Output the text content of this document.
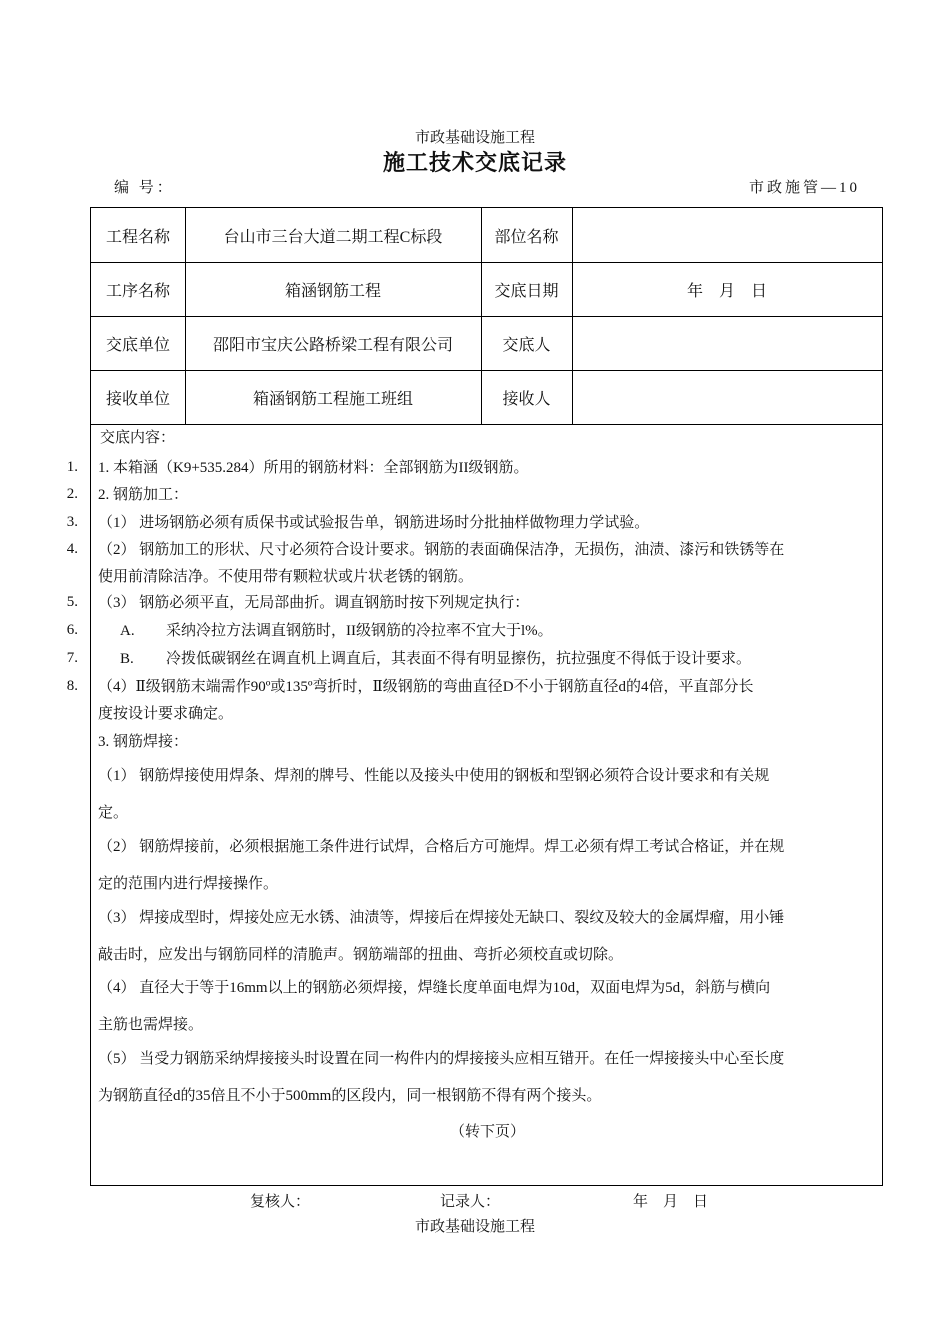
市政基础设施工程
施工技术交底记录
编 号：	市政施管—10
工程名称	台山市三台大道二期工程C标段	部位名称
工序名称	箱涵钢筋工程	交底日期	年    月    日
交底单位	邵阳市宝庆公路桥梁工程有限公司	交底人
接收单位	箱涵钢筋工程施工班组	接收人
交底内容：
1.
2.
3.
4.
5.
6.
7.
8.
1. 本箱涵（K9+535.284）所用的钢筋材料：全部钢筋为II级钢筋。
2. 钢筋加工：
（1） 进场钢筋必须有质保书或试验报告单，钢筋进场时分批抽样做物理力学试验。
（2） 钢筋加工的形状、尺寸必须符合设计要求。钢筋的表面确保洁净，无损伤，油渍、漆污和铁锈等在
使用前清除洁净。不使用带有颗粒状或片状老锈的钢筋。
（3） 钢筋必须平直，无局部曲折。调直钢筋时按下列规定执行：
A. 采纳冷拉方法调直钢筋时，II级钢筋的冷拉率不宜大于l%。
B. 冷拨低碳钢丝在调直机上调直后，其表面不得有明显擦伤，抗拉强度不得低于设计要求。
（4）Ⅱ级钢筋末端需作90º或135º弯折时，Ⅱ级钢筋的弯曲直径D不小于钢筋直径d的4倍，平直部分长
度按设计要求确定。
3. 钢筋焊接：
（1） 钢筋焊接使用焊条、焊剂的牌号、性能以及接头中使用的钢板和型钢必须符合设计要求和有关规
定。
（2） 钢筋焊接前，必须根据施工条件进行试焊，合格后方可施焊。焊工必须有焊工考试合格证，并在规
定的范围内进行焊接操作。
（3） 焊接成型时，焊接处应无水锈、油渍等，焊接后在焊接处无缺口、裂纹及较大的金属焊瘤，用小锤
敲击时，应发出与钢筋同样的清脆声。钢筋端部的扭曲、弯折必须校直或切除。
（4） 直径大于等于16mm以上的钢筋必须焊接，焊缝长度单面电焊为10d，双面电焊为5d，斜筋与横向
主筋也需焊接。
（5） 当受力钢筋采纳焊接接头时设置在同一构件内的焊接接头应相互错开。在任一焊接接头中心至长度
为钢筋直径d的35倍且不小于500mm的区段内，同一根钢筋不得有两个接头。
（转下页）
复核人：	记录人：	年    月    日
市政基础设施工程
